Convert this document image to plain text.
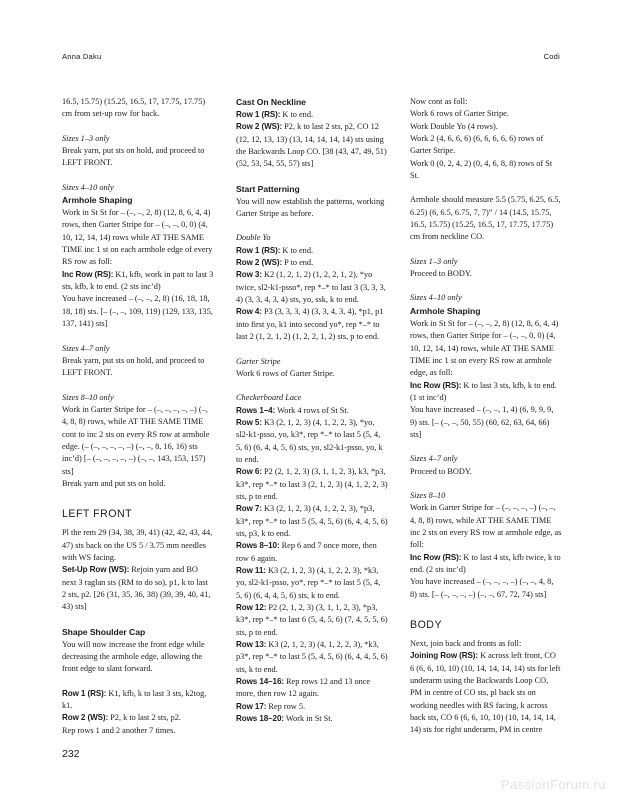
Anna Daku	Codi

16.5, 15.75) (15.25, 16.5, 17, 17.75, 17.75) cm from set-up row for back.

Sizes 1–3 only

Break yarn, put sts on hold, and proceed to LEFT FRONT.

Sizes 4–10 only

Armhole Shaping

Work in St St for – (–, –, 2, 8) (12, 8, 6, 4, 4) rows, then Garter Stripe for – (–, –, 0, 0) (4, 10, 12, 14, 14) rows while AT THE SAME TIME inc 1 st on each armhole edge of every RS row as foll:

Inc Row (RS): K1, kfb, work in patt to last 3 sts, kfb, k to end. (2 sts inc’d)

You have increased – (–, –, 2, 8) (16, 18, 18, 18, 18) sts. [– (–, –, 109, 119) (129, 133, 135, 137, 141) sts]

Sizes 4–7 only

Break yarn, put sts on hold, and proceed to LEFT FRONT.

Sizes 8–10 only

Work in Garter Stripe for – (–, –, –, –, –) (–, 4, 8, 8) rows, while AT THE SAME TIME cont to inc 2 sts on every RS row at armhole edge. (– (–, –, –, –, –) (–, –, 8, 16, 16) sts inc’d) [– (–, –, –, –, –) (–, –, 143, 153, 157) sts]

Break yarn and put sts on hold.

LEFT FRONT

Pl the rem 29 (34, 38, 39, 41) (42, 42, 43, 44, 47) sts back on the US 5 / 3.75 mm needles with WS facing.

Set-Up Row (WS): Rejoin yarn and BO next 3 raglan sts (RM to do so), p1, k to last 2 sts, p2. [26 (31, 35, 36, 38) (39, 39, 40, 41, 43) sts]

Shape Shoulder Cap

You will now increase the front edge while decreasing the armhole edge, allowing the front edge to slant forward.

Row 1 (RS): K1, kfb, k to last 3 sts, k2tog, k1.

Row 2 (WS): P2, k to last 2 sts, p2.

Rep rows 1 and 2 another 7 times.

Cast On Neckline

Row 1 (RS): K to end.

Row 2 (WS): P2, k to last 2 sts, p2, CO 12 (12, 12, 13, 13) (13, 14, 14, 14, 14) sts using the Backwards Loop CO. [38 (43, 47, 49, 51) (52, 53, 54, 55, 57) sts]

Start Patterning

You will now establish the patterns, working Garter Stripe as before.

Double Yo

Row 1 (RS): K to end.

Row 2 (WS): P to end.

Row 3: K2 (1, 2, 1, 2) (1, 2, 2, 1, 2), *yo twice, sl2-k1-psso*, rep *–* to last 3 (3, 3, 3, 4) (3, 3, 4, 3, 4) sts, yo, ssk, k to end.

Row 4: P3 (3, 3, 3, 4) (3, 3, 4, 3, 4), *p1, p1 into first yo, k1 into second yo*, rep *–* to last 2 (1, 2, 1, 2) (1, 2, 2, 1, 2) sts, p to end.

Garter Stripe

Work 6 rows of Garter Stripe.

Checkerboard Lace

Rows 1–4: Work 4 rows of St St.

Row 5: K3 (2, 1, 2, 3) (4, 1, 2, 2, 3), *yo, sl2-k1-psso, yo, k3*, rep *–* to last 5 (5, 4, 5, 6) (6, 4, 4, 5, 6) sts, yo, sl2-k1-psso, yo, k to end.

Row 6: P2 (2, 1, 2, 3) (3, 1, 1, 2, 3), k3, *p3, k3*, rep *–* to last 3 (2, 1, 2, 3) (4, 1, 2, 2, 3) sts, p to end.

Row 7: K3 (2, 1, 2, 3) (4, 1, 2, 2, 3), *p3, k3*, rep *–* to last 5 (5, 4, 5, 6) (6, 4, 4, 5, 6) sts, p3, k to end.

Rows 8–10: Rep 6 and 7 once more, then row 6 again.

Row 11: K3 (2, 1, 2, 3) (4, 1, 2, 2, 3), *k3, yo, sl2-k1-psso, yo*, rep *–* to last 5 (5, 4, 5, 6) (6, 4, 4, 5, 6) sts, k to end.

Row 12: P2 (2, 1, 2, 3) (3, 1, 1, 2, 3), *p3, k3*, rep *–* to last 6 (5, 4, 5, 6) (7, 4, 5, 5, 6) sts, p to end.

Row 13: K3 (2, 1, 2, 3) (4, 1, 2, 2, 3), *k3, p3*, rep *–* to last 5 (5, 4, 5, 6) (6, 4, 4, 5, 6) sts, k to end.

Rows 14–16: Rep rows 12 and 13 once more, then row 12 again.

Row 17: Rep row 5.

Rows 18–20: Work in St St.

Now cont as foll:

Work 6 rows of Garter Stripe.

Work Double Yo (4 rows).

Work 2 (4, 6, 6, 6) (6, 6, 6, 6, 6) rows of Garter Stripe.

Work 0 (0, 2, 4, 2) (0, 4, 6, 8, 8) rows of St St.

Armhole should measure 5.5 (5.75, 6.25, 6.5, 6.25) (6, 6.5, 6.75, 7, 7)” / 14 (14.5, 15.75, 16.5, 15.75) (15.25, 16.5, 17, 17.75, 17.75) cm from neckline CO.

Sizes 1–3 only

Proceed to BODY.

Sizes 4–10 only

Armhole Shaping

Work in St St for – (–, –, 2, 8) (12, 8, 6, 4, 4) rows, then Garter Stripe for – (–, –, 0, 0) (4, 10, 12, 14, 14) rows, while AT THE SAME TIME inc 1 st on every RS row at armhole edge, as foll:

Inc Row (RS): K to last 3 sts, kfb, k to end. (1 st inc’d)

You have increased – (–, –, 1, 4) (6, 9, 9, 9, 9) sts. [– (–, –, 50, 55) (60, 62, 63, 64, 66) sts]

Sizes 4–7 only

Proceed to BODY.

Sizes 8–10

Work in Garter Stripe for – (–, –, –, –) (–, –, 4, 8, 8) rows, while AT THE SAME TIME inc 2 sts on every RS row at armhole edge, as foll:

Inc Row (RS): K to last 4 sts, kfb twice, k to end. (2 sts inc’d)

You have increased – (–, –, –, –) (–, –, 4, 8, 8) sts. [– (–, –, –, –) (–, –, 67, 72, 74) sts]

BODY

Next, join back and fronts as foll:

Joining Row (RS): K across left front, CO 6 (6, 6, 10, 10) (10, 14, 14, 14, 14) sts for left underarm using the Backwards Loop CO, PM in centre of CO sts, pl back sts on working needles with RS facing, k across back sts, CO 6 (6, 6, 10, 10) (10, 14, 14, 14, 14) sts for right underarm, PM in centre

232
PassionForum.ru
